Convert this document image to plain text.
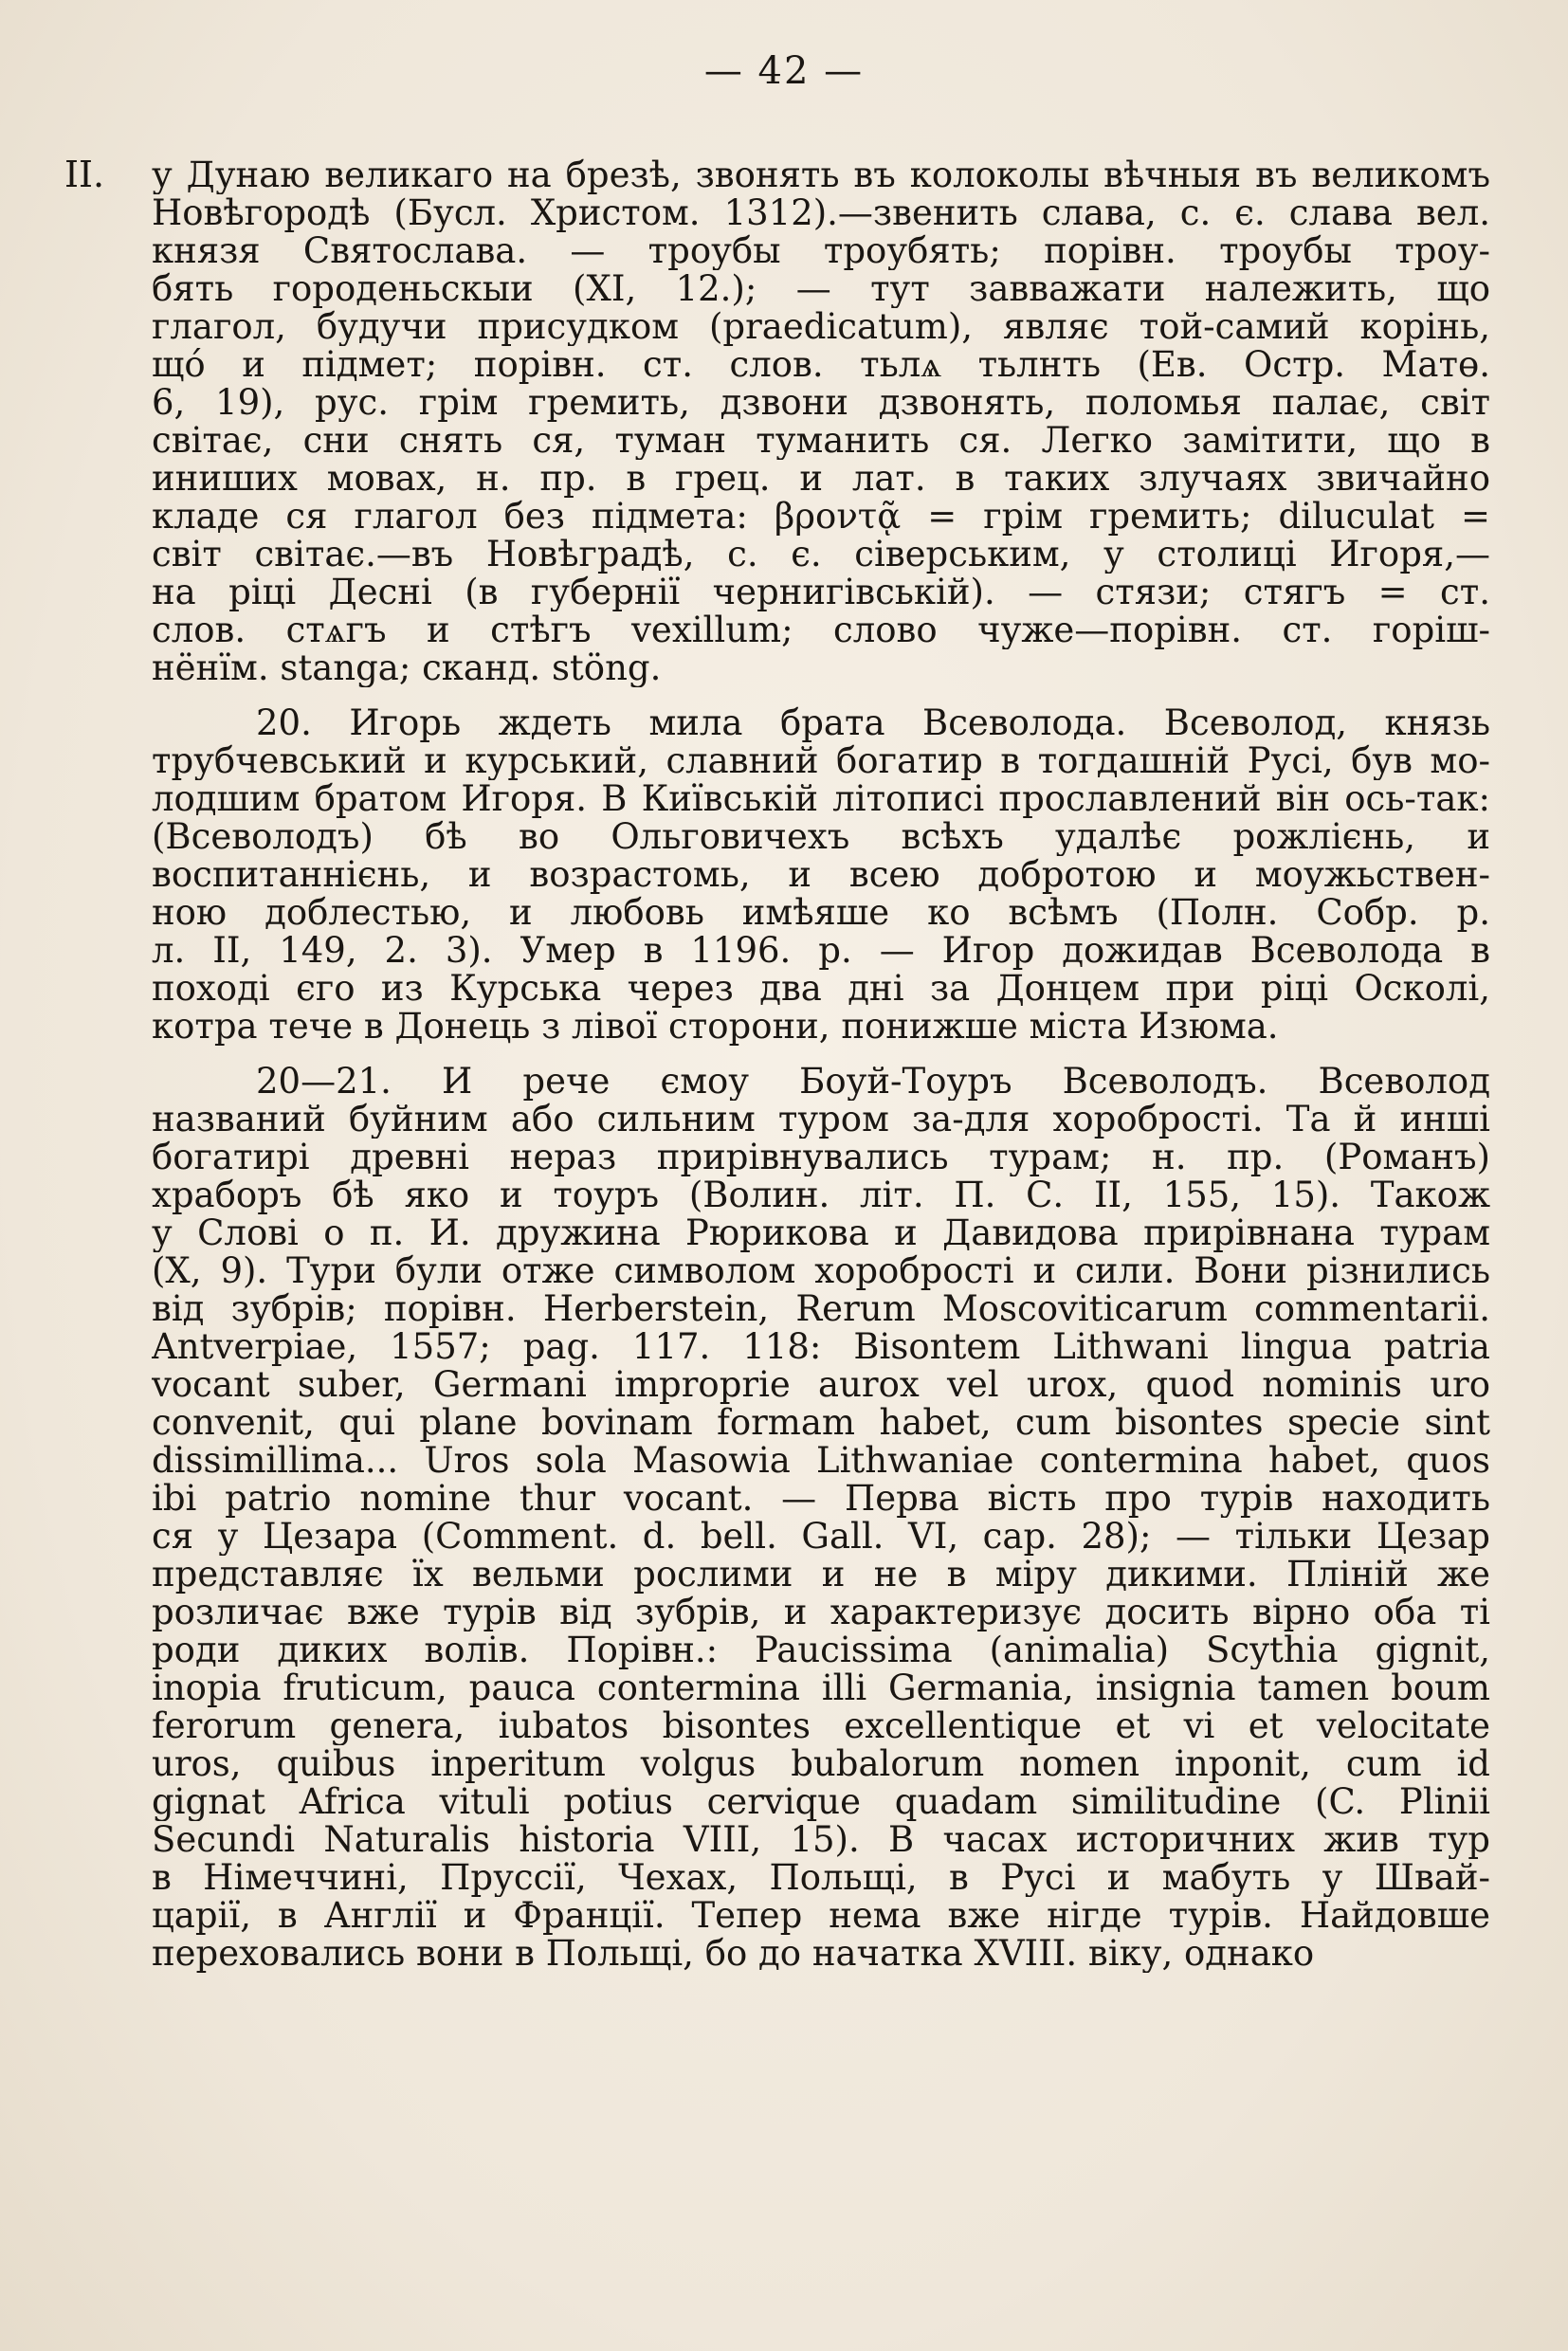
— 42 —
II. у Дунаю великаго на брезѣ, звонять въ колоколы вѣчныя въ великомъ
Новѣгородѣ (Бусл. Христом. 1312).—звенить слава, с. є. слава вел.
князя Святослава. — троубы троубять; порівн. троубы троу-
бять городеньскыи (XI, 12.); — тут завважати належить, що
глагол, будучи присудком (praedicatum), являє той-самий корінь,
щó и підмет; порівн. ст. слов. тьлѧ тьлнть (Ев. Остр. Матө.
6, 19), рус. грім гремить, дзвони дзвонять, поломья палає, світ
світає, сни снять ся, туман туманить ся. Легко замітити, що в
иниших мовах, н. пр. в грец. и лат. в таких злучаях звичайно
кладе ся глагол без підмета: βροντᾷ = грім гремить; diluculat =
світ світає.—въ Новѣградѣ, с. є. сіверським, у столиці Игоря,—
на ріці Десні (в губернії чернигівській). — стязи; стягъ = ст.
слов. стѧгъ и стѣгъ vexillum; слово чуже—порівн. ст. горіш-
нёнїм. stanga; сканд. stöng.
20. Игорь ждеть мила брата Всеволода. Всеволод, князь
трубчевський и курський, славний богатир в тогдашній Русі, був мо-
лодшим братом Игоря. В Київській літописі прославлений він ось-так:
(Всеволодъ) бѣ во Ольговичехъ всѣхъ удалѣє рожлієнь, и
воспитаннієнь, и возрастомь, и всею добротою и моужьствен-
ною доблестью, и любовь имѣяше ко всѣмъ (Полн. Собр. р.
л. II, 149, 2. 3). Умер в 1196. р. — Игор дожидав Всеволода в
поході єго из Курська через два дні за Донцем при ріці Осколі,
котра тече в Донець з лівої сторони, понижше міста Изюма.
20—21. И рече ємоу Боуй-Тоуръ Всеволодъ. Всеволод
названий буйним або сильним туром за-для хоробрості. Та й инші
богатирі древні нераз прирівнувались турам; н. пр. (Романъ)
храборъ бѣ яко и тоуръ (Волин. літ. П. С. II, 155, 15). Також
у Слові о п. И. дружина Рюрикова и Давидова прирівнана турам
(X, 9). Тури були отже символом хоробрості и сили. Вони різнились
від зубрів; порівн. Herberstein, Rerum Moscoviticarum commentarii.
Antverpiae, 1557; pag. 117. 118: Bisontem Lithwani lingua patria
vocant suber, Germani improprie aurox vel urox, quod nominis uro
convenit, qui plane bovinam formam habet, cum bisontes specie sint
dissimillima... Uros sola Masowia Lithwaniae contermina habet, quos
ibi patrio nomine thur vocant. — Перва вість про турів находить
ся у Цезара (Comment. d. bell. Gall. VI, cap. 28); — тільки Цезар
представляє їх вельми рослими и не в міру дикими. Пліній же
розличає вже турів від зубрів, и характеризує досить вірно оба ті
роди диких волів. Порівн.: Paucissima (animalia) Scythia gignit,
inopia fruticum, pauca contermina illi Germania, insignia tamen boum
ferorum genera, iubatos bisontes excellentique et vi et velocitate
uros, quibus inperitum volgus bubalorum nomen inponit, cum id
gignat Africa vituli potius cervique quadam similitudine (C. Plinii
Secundi Naturalis historia VIII, 15). В часах историчних жив тур
в Німеччині, Пруссії, Чехах, Польщі, в Русі и мабуть у Швай-
царії, в Англії и Франції. Тепер нема вже нігде турів. Найдовше
переховались вони в Польщі, бо до начатка XVIII. віку, однако
